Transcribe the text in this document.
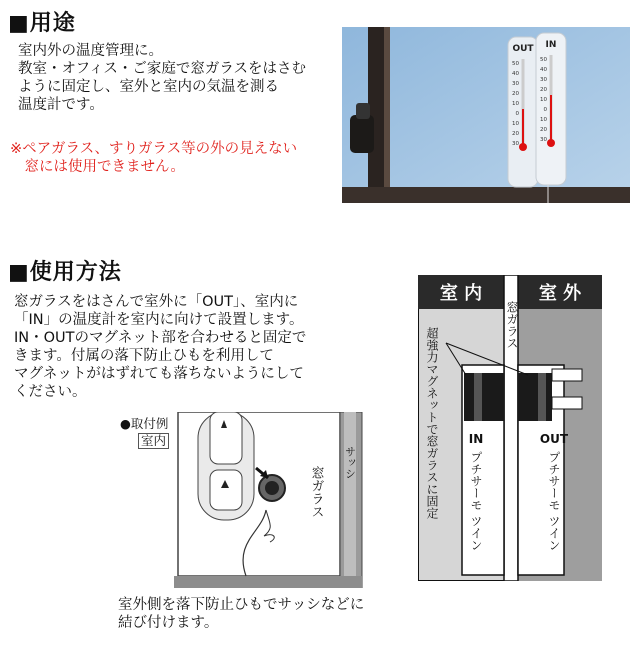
■用途
室内外の温度管理に。
教室・オフィス・ご家庭で窓ガラスをはさむ
ように固定し、室外と室内の気温を測る
温度計です。
※ペアガラス、すりガラス等の外の見えない
　窓には使用できません。
OUT IN
50
40
30
20
10
0
10
20
30
50
40
30
20
10
0
10
20
30
■使用方法
窓ガラスをはさんで室外に「OUT」、室内に
「IN」の温度計を室内に向けて設置します。
IN・OUTのマグネット部を合わせると固定で
きます。付属の落下防止ひもを利用して
マグネットがはずれても落ちないようにして
ください。
●取付例
室内
窓ガラス
サッシ
室外側を落下防止ひもでサッシなどに
結び付けます。
室 内	室 外
窓ガラス
IN
プチサーモ ツイン
OUT
プチサーモ ツイン
超強力マグネットで窓ガラスに固定
